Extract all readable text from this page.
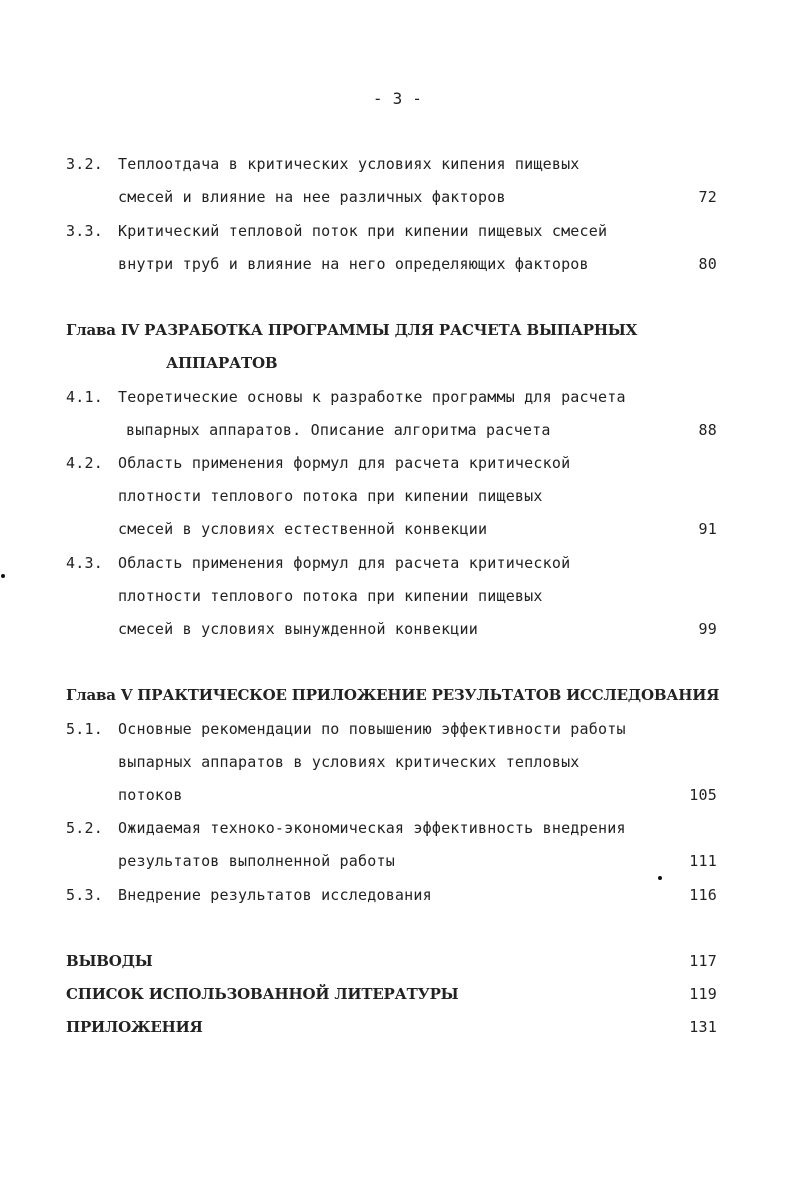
- 3 -
3.2. Теплоотдача в критических условиях кипения пищевых
смесей и влияние на нее различных факторов	72
3.3. Критический тепловой поток при кипении пищевых смесей
внутри труб и влияние на него определяющих факторов	80
Глава IV РАЗРАБОТКА ПРОГРАММЫ ДЛЯ РАСЧЕТА ВЫПАРНЫХ
АППАРАТОВ
4.1. Теоретические основы к разработке программы для расчета
выпарных аппаратов. Описание алгоритма расчета	88
4.2. Область применения формул для расчета критической
плотности теплового потока при кипении пищевых
смесей в условиях естественной конвекции	91
4.3. Область применения формул для расчета критической
плотности теплового потока при кипении пищевых
смесей в условиях вынужденной конвекции	99
Глава V ПРАКТИЧЕСКОЕ ПРИЛОЖЕНИЕ РЕЗУЛЬТАТОВ ИССЛЕДОВАНИЯ
5.1. Основные рекомендации по повышению эффективности работы
выпарных аппаратов в условиях критических тепловых
потоков	105
5.2. Ожидаемая техноко-экономическая эффективность внедрения
результатов выполненной работы	111
5.3. Внедрение результатов исследования	116
ВЫВОДЫ	117
СПИСОК ИСПОЛЬЗОВАННОЙ ЛИТЕРАТУРЫ	119
ПРИЛОЖЕНИЯ	131
